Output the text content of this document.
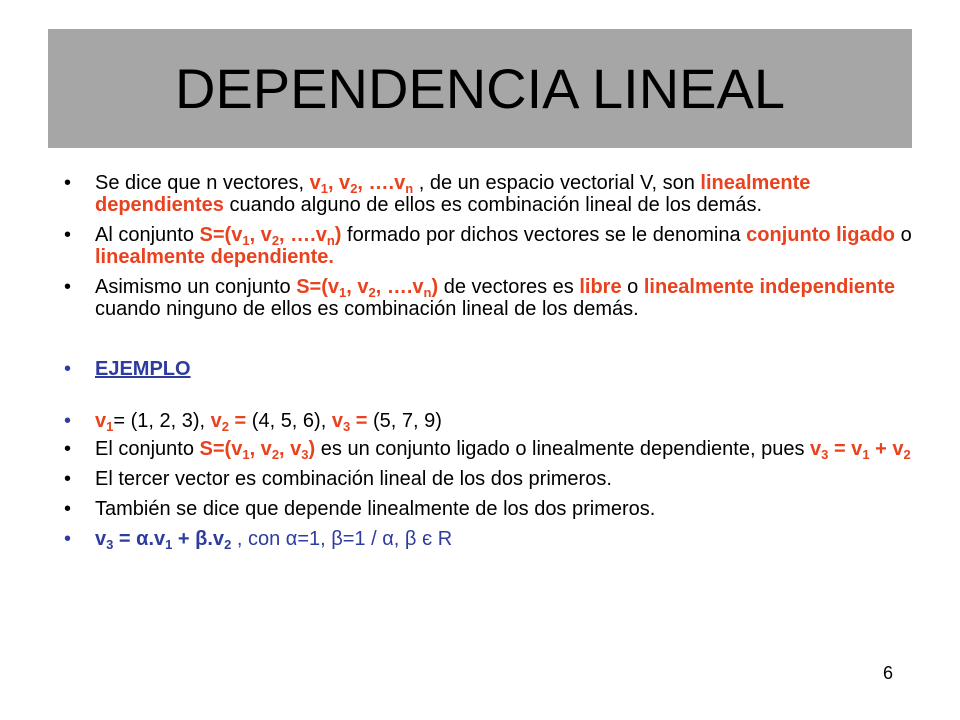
DEPENDENCIA LINEAL

• Se dice que n vectores, $v_1$, $v_2$, $\dots.v_n$ , de un espacio vectorial V, son linealmente dependientes cuando alguno de ellos es combinación lineal de los demás.

• Al conjunto $S=(v_1$, $v_2$, $\dots.v_n$) formado por dichos vectores se le denomina conjunto ligado o linealmente dependiente.

• Asimismo un conjunto $S=(v_1$, $v_2$, $\dots.v_n$) de vectores es libre o linealmente independiente cuando ninguno de ellos es combinación lineal de los demás.

• EJEMPLO

• $v_1= (1$, 2, 3), $v_2 = (4$, 5, 6), $v_3 = (5$, 7, 9)

• El conjunto $S=(v_1$, $v_2$, $v_3$) es un conjunto ligado o linealmente dependiente, pues $v_3 = v_1 + v_2$

• El tercer vector es combinación lineal de los dos primeros.

• También se dice que depende linealmente de los dos primeros.

• $v_3 = \alpha.v_1 + \beta.v_2$ , con α=1, β=1 / α, β є R

6
